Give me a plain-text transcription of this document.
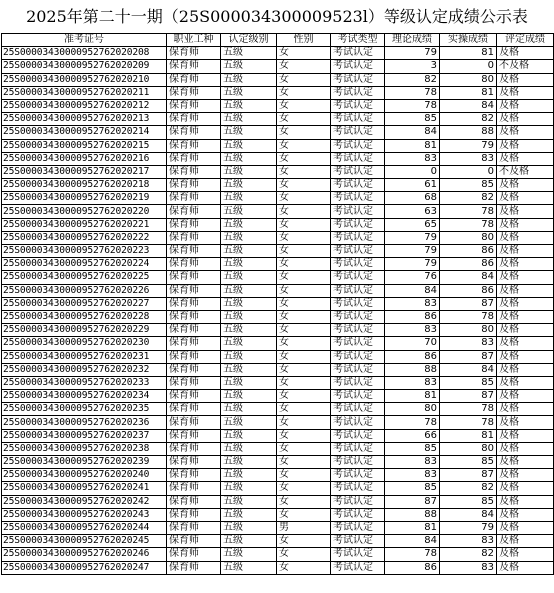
2025年第二十一期（25S000034300009523l）等级认定成绩公示表
准考证号	职业工种	认定级别	性别	考试类型	理论成绩	实操成绩	评定成绩
25S00003430000952762020208	保育师	五级	女	考试认定	79	81	及格
25S00003430000952762020209	保育师	五级	女	考试认定	3	0	不及格
25S00003430000952762020210	保育师	五级	女	考试认定	82	80	及格
25S00003430000952762020211	保育师	五级	女	考试认定	78	81	及格
25S00003430000952762020212	保育师	五级	女	考试认定	78	84	及格
25S00003430000952762020213	保育师	五级	女	考试认定	85	82	及格
25S00003430000952762020214	保育师	五级	女	考试认定	84	88	及格
25S00003430000952762020215	保育师	五级	女	考试认定	81	79	及格
25S00003430000952762020216	保育师	五级	女	考试认定	83	83	及格
25S00003430000952762020217	保育师	五级	女	考试认定	0	0	不及格
25S00003430000952762020218	保育师	五级	女	考试认定	61	85	及格
25S00003430000952762020219	保育师	五级	女	考试认定	68	82	及格
25S00003430000952762020220	保育师	五级	女	考试认定	63	78	及格
25S00003430000952762020221	保育师	五级	女	考试认定	65	78	及格
25S00003430000952762020222	保育师	五级	女	考试认定	79	80	及格
25S00003430000952762020223	保育师	五级	女	考试认定	79	86	及格
25S00003430000952762020224	保育师	五级	女	考试认定	79	86	及格
25S00003430000952762020225	保育师	五级	女	考试认定	76	84	及格
25S00003430000952762020226	保育师	五级	女	考试认定	84	86	及格
25S00003430000952762020227	保育师	五级	女	考试认定	83	87	及格
25S00003430000952762020228	保育师	五级	女	考试认定	86	78	及格
25S00003430000952762020229	保育师	五级	女	考试认定	83	80	及格
25S00003430000952762020230	保育师	五级	女	考试认定	70	83	及格
25S00003430000952762020231	保育师	五级	女	考试认定	86	87	及格
25S00003430000952762020232	保育师	五级	女	考试认定	88	84	及格
25S00003430000952762020233	保育师	五级	女	考试认定	83	85	及格
25S00003430000952762020234	保育师	五级	女	考试认定	81	87	及格
25S00003430000952762020235	保育师	五级	女	考试认定	80	78	及格
25S00003430000952762020236	保育师	五级	女	考试认定	78	78	及格
25S00003430000952762020237	保育师	五级	女	考试认定	66	81	及格
25S00003430000952762020238	保育师	五级	女	考试认定	85	80	及格
25S00003430000952762020239	保育师	五级	女	考试认定	83	85	及格
25S00003430000952762020240	保育师	五级	女	考试认定	83	87	及格
25S00003430000952762020241	保育师	五级	女	考试认定	85	82	及格
25S00003430000952762020242	保育师	五级	女	考试认定	87	85	及格
25S00003430000952762020243	保育师	五级	女	考试认定	88	84	及格
25S00003430000952762020244	保育师	五级	男	考试认定	81	79	及格
25S00003430000952762020245	保育师	五级	女	考试认定	84	83	及格
25S00003430000952762020246	保育师	五级	女	考试认定	78	82	及格
25S00003430000952762020247	保育师	五级	女	考试认定	86	83	及格
